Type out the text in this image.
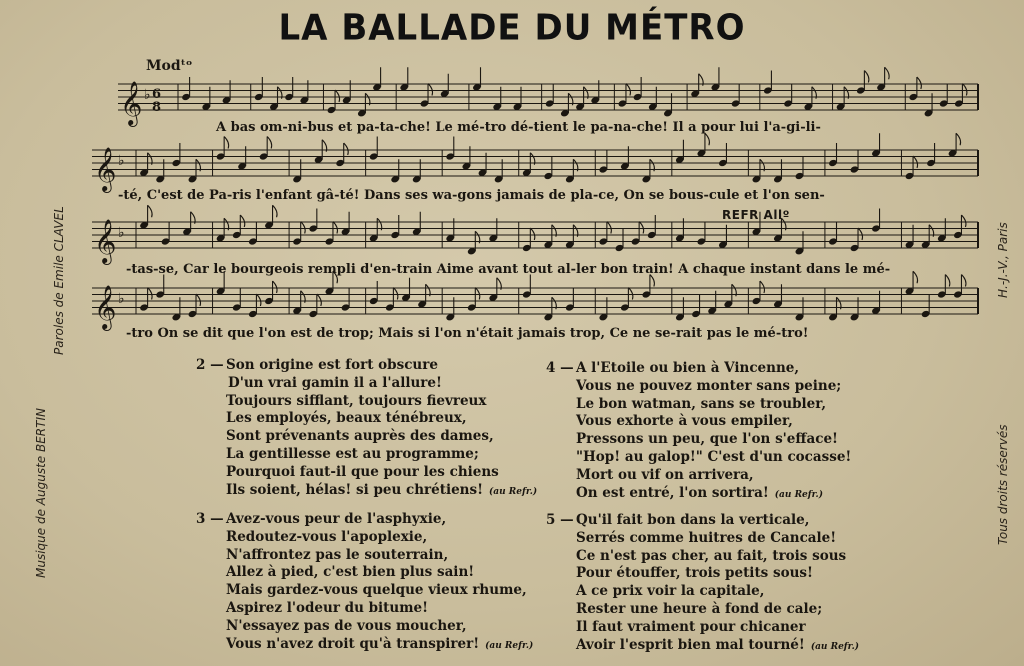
LA BALLADE DU MÉTRO
Musique de Auguste BERTIN
Paroles de Emile CLAVEL	H.-J.-V., Paris
Tous droits réservés
Modᵗᵒ
REFR Allº
𝄞 ♭ 6
8
𝄞 ♭
𝄞 ♭
𝄞 ♭
A bas om-ni-bus et pa-ta-che! Le mé-tro dé-tient le pa-na-che! Il a pour lui l'a-gi-li-
-té, C'est de Pa-ris l'enfant gâ-té! Dans ses wa-gons jamais de pla-ce, On se bous-cule et l'on sen-
-tas-se, Car le bourgeois rempli d'en-train Aime avant tout al-ler bon train! A chaque instant dans le mé-
-tro On se dit que l'on est de trop; Mais si l'on n'était jamais trop, Ce ne se-rait pas le mé-tro!
2 — Son origine est fort obscure
D'un vrai gamin il a l'allure!
Toujours sifflant, toujours fievreux
Les employés, beaux ténébreux,
Sont prévenants auprès des dames,
La gentillesse est au programme;
Pourquoi faut-il que pour les chiens
Ils soient, hélas! si peu chrétiens! (au Refr.)
3 — Avez-vous peur de l'asphyxie,
Redoutez-vous l'apoplexie,
N'affrontez pas le souterrain,
Allez à pied, c'est bien plus sain!
Mais gardez-vous quelque vieux rhume,
Aspirez l'odeur du bitume!
N'essayez pas de vous moucher,
Vous n'avez droit qu'à transpirer! (au Refr.)
4 — A l'Etoile ou bien à Vincenne,
Vous ne pouvez monter sans peine;
Le bon watman, sans se troubler,
Vous exhorte à vous empiler,
Pressons un peu, que l'on s'efface!
"Hop! au galop!" C'est d'un cocasse!
Mort ou vif on arrivera,
On est entré, l'on sortira! (au Refr.)
5 — Qu'il fait bon dans la verticale,
Serrés comme huitres de Cancale!
Ce n'est pas cher, au fait, trois sous
Pour étouffer, trois petits sous!
A ce prix voir la capitale,
Rester une heure à fond de cale;
Il faut vraiment pour chicaner
Avoir l'esprit bien mal tourné! (au Refr.)
